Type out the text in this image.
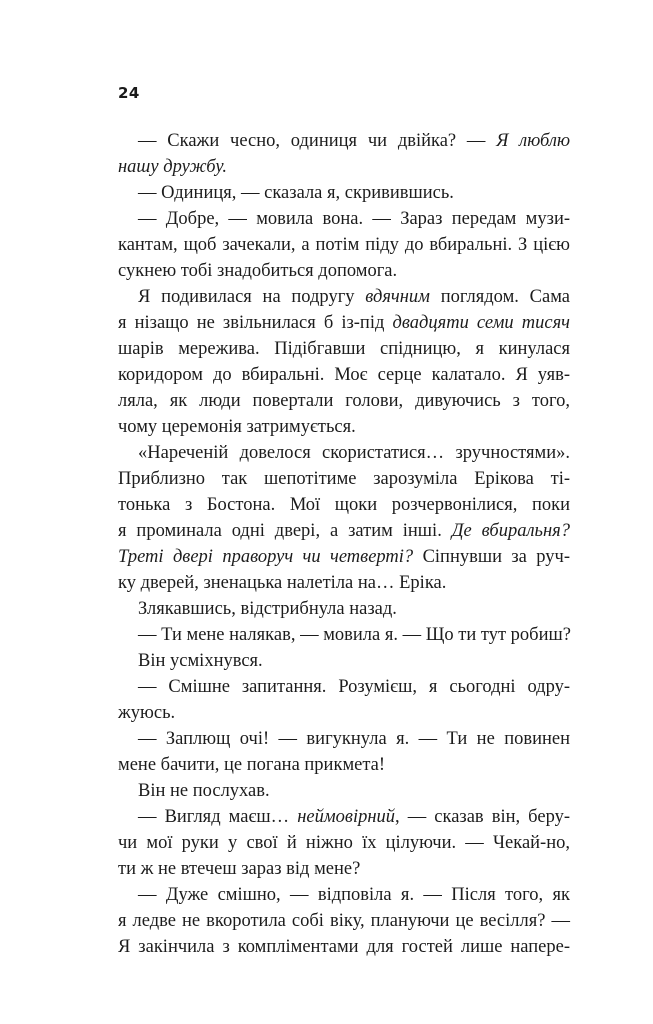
24
— Скажи чесно, одиниця чи двійка? — Я люблю
нашу дружбу.
— Одиниця, — сказала я, скривившись.
— Добре, — мовила вона. — Зараз передам музи-
кантам, щоб зачекали, а потім піду до вбиральні. З цією
сукнею тобі знадобиться допомога.
Я подивилася на подругу вдячним поглядом. Сама
я нізащо не звільнилася б із-під двадцяти семи тисяч
шарів мережива. Підібгавши спідницю, я кинулася
коридором до вбиральні. Моє серце калатало. Я уяв-
ляла, як люди повертали голови, дивуючись з того,
чому церемонія затримується.
«Нареченій довелося скористатися… зручностями».
Приблизно так шепотітиме зарозуміла Ерікова ті-
тонька з Бостона. Мої щоки розчервонілися, поки
я проминала одні двері, а затим інші. Де вбиральня?
Треті двері праворуч чи четверті? Сіпнувши за руч-
ку дверей, зненацька налетіла на… Еріка.
Злякавшись, відстрибнула назад.
— Ти мене налякав, — мовила я. — Що ти тут робиш?
Він усміхнувся.
— Смішне запитання. Розумієш, я сьогодні одру-
жуюсь.
— Заплющ очі! — вигукнула я. — Ти не повинен
мене бачити, це погана прикмета!
Він не послухав.
— Вигляд маєш… неймовірний, — сказав він, беру-
чи мої руки у свої й ніжно їх цілуючи. — Чекай-но,
ти ж не втечеш зараз від мене?
— Дуже смішно, — відповіла я. — Після того, як
я ледве не вкоротила собі віку, плануючи це весілля? —
Я закінчила з компліментами для гостей лише напере-
